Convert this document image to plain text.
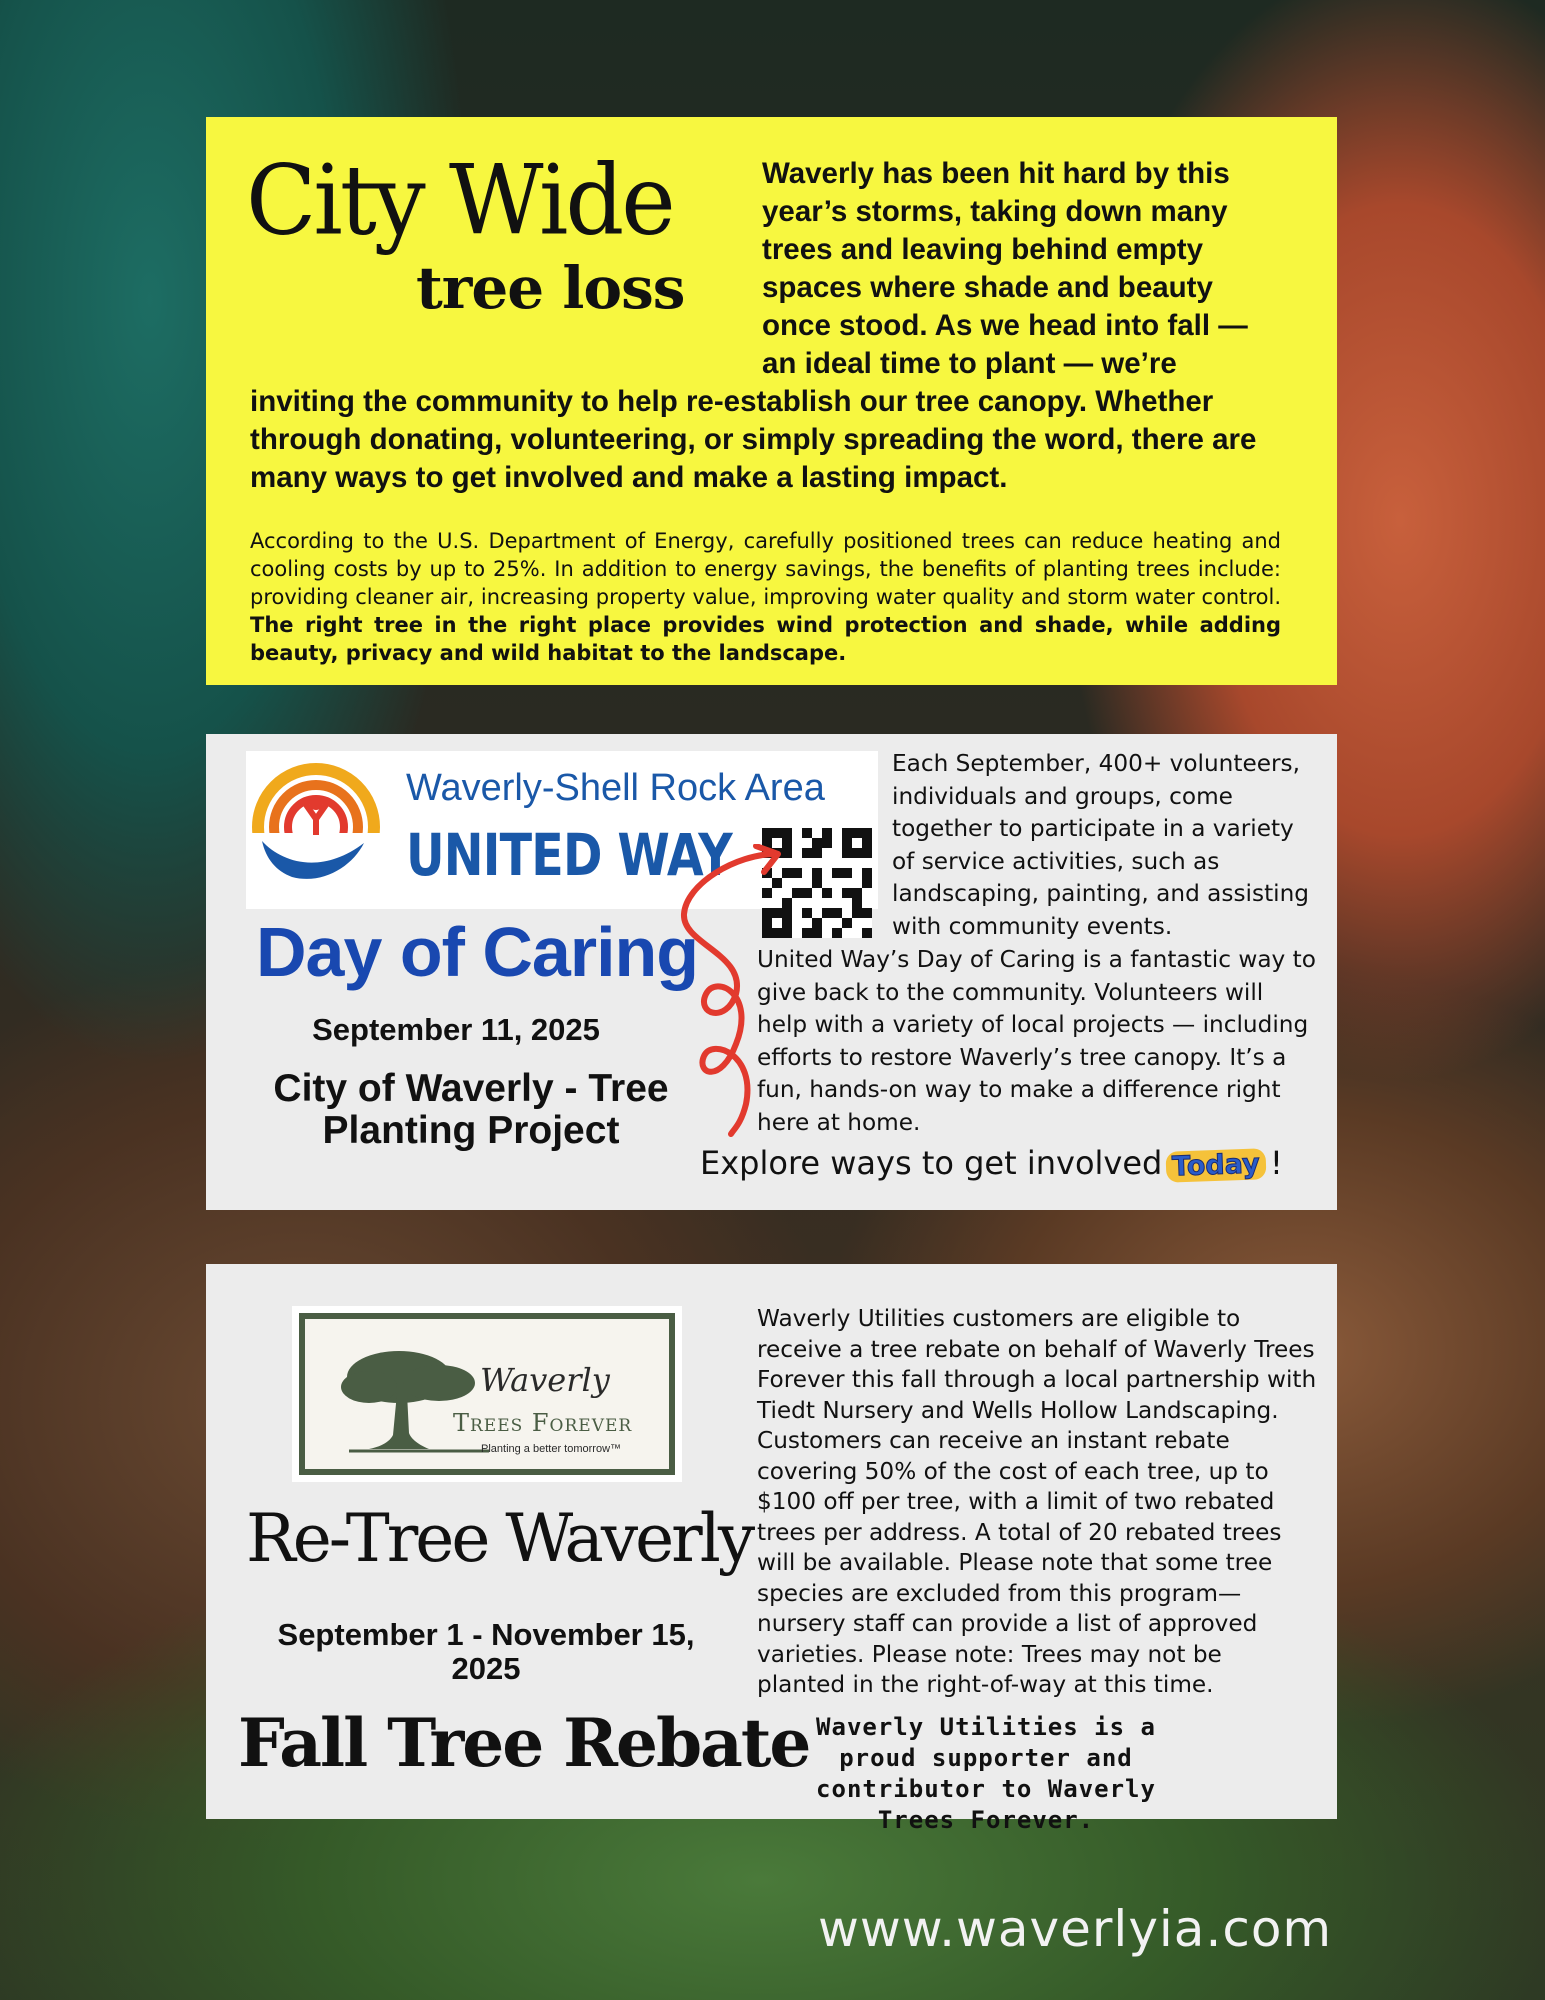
City Wide
tree loss

Waverly has been hit hard by this year’s storms, taking down many trees and leaving behind empty spaces where shade and beauty once stood. As we head into fall — an ideal time to plant — we’re inviting the community to help re-establish our tree canopy. Whether through donating, volunteering, or simply spreading the word, there are many ways to get involved and make a lasting impact.

According to the U.S. Department of Energy, carefully positioned trees can reduce heating and cooling costs by up to 25%. In addition to energy savings, the benefits of planting trees include: providing cleaner air, increasing property value, improving water quality and storm water control. The right tree in the right place provides wind protection and shade, while adding beauty, privacy and wild habitat to the landscape.
Waverly-Shell Rock Area
UNITED WAY
Day of Caring
September 11, 2025
City of Waverly - Tree Planting Project
Each September, 400+ volunteers, individuals and groups, come together to participate in a variety of service activities, such as landscaping, painting, and assisting with community events.
United Way’s Day of Caring is a fantastic way to give back to the community. Volunteers will help with a variety of local projects — including efforts to restore Waverly’s tree canopy. It’s a fun, hands-on way to make a difference right here at home.
Explore ways to get involved Today !
Waverly
Trees Forever
Planting a better tomorrow™
Re-Tree Waverly
September 1 - November 15, 2025
Fall Tree Rebate
Waverly Utilities customers are eligible to receive a tree rebate on behalf of Waverly Trees Forever this fall through a local partnership with Tiedt Nursery and Wells Hollow Landscaping. Customers can receive an instant rebate covering 50% of the cost of each tree, up to $100 off per tree, with a limit of two rebated trees per address. A total of 20 rebated trees will be available. Please note that some tree species are excluded from this program—nursery staff can provide a list of approved varieties. Please note: Trees may not be planted in the right-of-way at this time.
Waverly Utilities is a proud supporter and contributor to Waverly Trees Forever.
www.waverlyia.com
